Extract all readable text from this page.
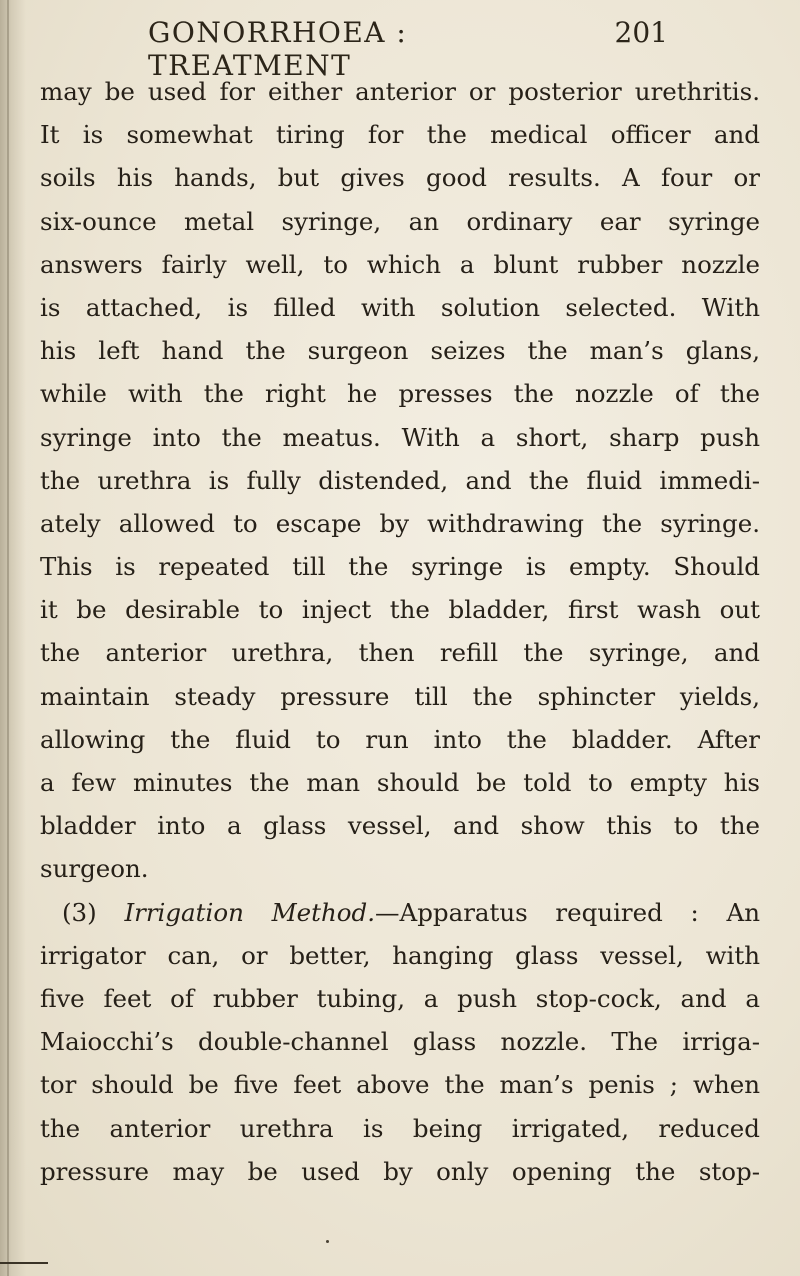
GONORRHOEA : TREATMENT
201
may be used for either anterior or posterior urethritis.
It is somewhat tiring for the medical officer and
soils his hands, but gives good results. A four or
six-ounce metal syringe, an ordinary ear syringe
answers fairly well, to which a blunt rubber nozzle
is attached, is filled with solution selected. With
his left hand the surgeon seizes the man’s glans,
while with the right he presses the nozzle of the
syringe into the meatus. With a short, sharp push
the urethra is fully distended, and the fluid immedi-
ately allowed to escape by withdrawing the syringe.
This is repeated till the syringe is empty. Should
it be desirable to inject the bladder, first wash out
the anterior urethra, then refill the syringe, and
maintain steady pressure till the sphincter yields,
allowing the fluid to run into the bladder. After
a few minutes the man should be told to empty his
bladder into a glass vessel, and show this to the
surgeon.
(3) Irrigation Method.—Apparatus required : An
irrigator can, or better, hanging glass vessel, with
five feet of rubber tubing, a push stop-cock, and a
Maiocchi’s double-channel glass nozzle. The irriga-
tor should be five feet above the man’s penis ; when
the anterior urethra is being irrigated, reduced
pressure may be used by only opening the stop-
